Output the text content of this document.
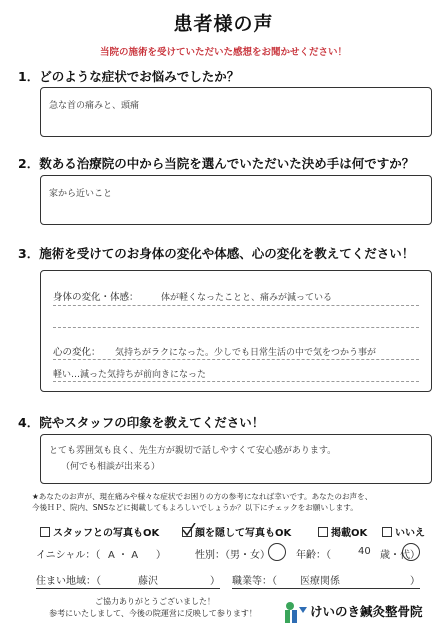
患者様の声
当院の施術を受けていただいた感想をお聞かせください！
1．どのような症状でお悩みでしたか？
急な首の痛みと、頭痛
2．数ある治療院の中から当院を選んでいただいた決め手は何ですか？
家から近いこと
3．施術を受けてのお身体の変化や体感、心の変化を教えてください！
身体の変化・体感： 体が軽くなったことと、痛みが減っている
心の変化： 気持ちがラクになった。少しでも日常生活の中で気をつかう事が
軽い…減った気持ちが前向きになった
4．院やスタッフの印象を教えてください！
とても雰囲気も良く、先生方が親切で話しやすくて安心感があります。
（何でも相談が出来る）
★あなたのお声が、現在痛みや様々な症状でお困りの方の参考になれば幸いです。あなたのお声を、
今後ＨＰ、院内、SNSなどに掲載してもよろしいでしょうか？以下にチェックをお願いします。
スタッフとの写真もOK	顔を隠して写真もOK	掲載OK	いいえ
イニシャル：（ A ・ A ）	性別：（男・女）	年齢：（	40 歳・代）
住まい地域：（	藤沢	） 職業等：（ 医療関係	）
ご協力ありがとうございました！
参考にいたしまして、今後の院運営に反映して参ります！	けいのき鍼灸整骨院
